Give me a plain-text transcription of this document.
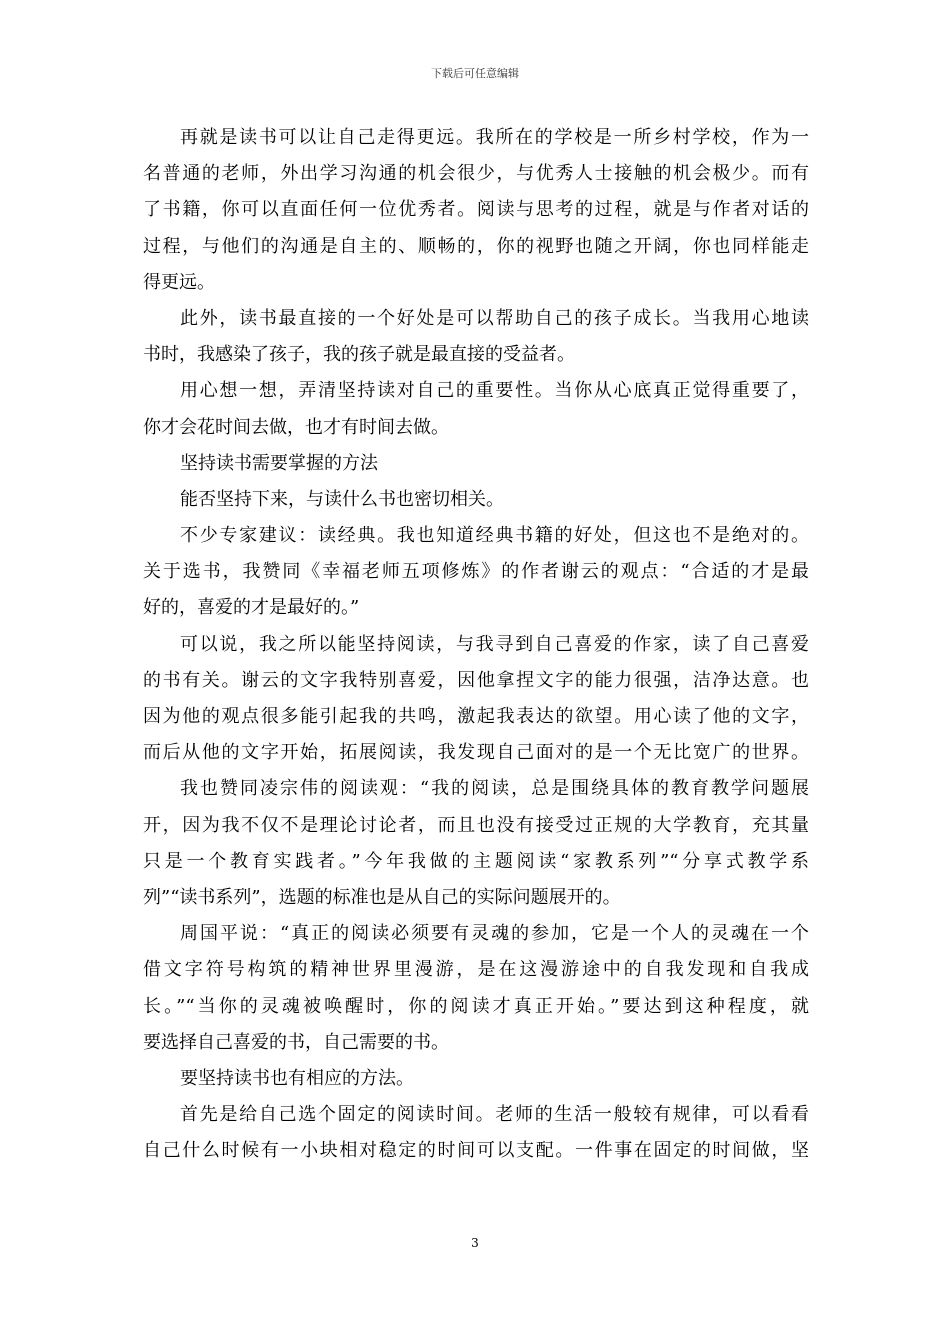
下载后可任意编辑
再就是读书可以让自己走得更远。我所在的学校是一所乡村学校，作为一
名普通的老师，外出学习沟通的机会很少，与优秀人士接触的机会极少。而有
了书籍，你可以直面任何一位优秀者。阅读与思考的过程，就是与作者对话的
过程，与他们的沟通是自主的、顺畅的，你的视野也随之开阔，你也同样能走
得更远。
此外，读书最直接的一个好处是可以帮助自己的孩子成长。当我用心地读
书时，我感染了孩子，我的孩子就是最直接的受益者。
用心想一想，弄清坚持读对自己的重要性。当你从心底真正觉得重要了，
你才会花时间去做，也才有时间去做。
坚持读书需要掌握的方法
能否坚持下来，与读什么书也密切相关。
不少专家建议：读经典。我也知道经典书籍的好处，但这也不是绝对的。
关于选书，我赞同《幸福老师五项修炼》的作者谢云的观点：“合适的才是最
好的，喜爱的才是最好的。”
可以说，我之所以能坚持阅读，与我寻到自己喜爱的作家，读了自己喜爱
的书有关。谢云的文字我特别喜爱，因他拿捏文字的能力很强，洁净达意。也
因为他的观点很多能引起我的共鸣，激起我表达的欲望。用心读了他的文字，
而后从他的文字开始，拓展阅读，我发现自己面对的是一个无比宽广的世界。
我也赞同凌宗伟的阅读观：“我的阅读，总是围绕具体的教育教学问题展
开，因为我不仅不是理论讨论者，而且也没有接受过正规的大学教育，充其量
只是一个教育实践者。”今年我做的主题阅读“家教系列”“分享式教学系
列”“读书系列”，选题的标准也是从自己的实际问题展开的。
周国平说：“真正的阅读必须要有灵魂的参加，它是一个人的灵魂在一个
借文字符号构筑的精神世界里漫游，是在这漫游途中的自我发现和自我成
长。”“当你的灵魂被唤醒时，你的阅读才真正开始。”要达到这种程度，就
要选择自己喜爱的书，自己需要的书。
要坚持读书也有相应的方法。
首先是给自己选个固定的阅读时间。老师的生活一般较有规律，可以看看
自己什么时候有一小块相对稳定的时间可以支配。一件事在固定的时间做，坚
3
